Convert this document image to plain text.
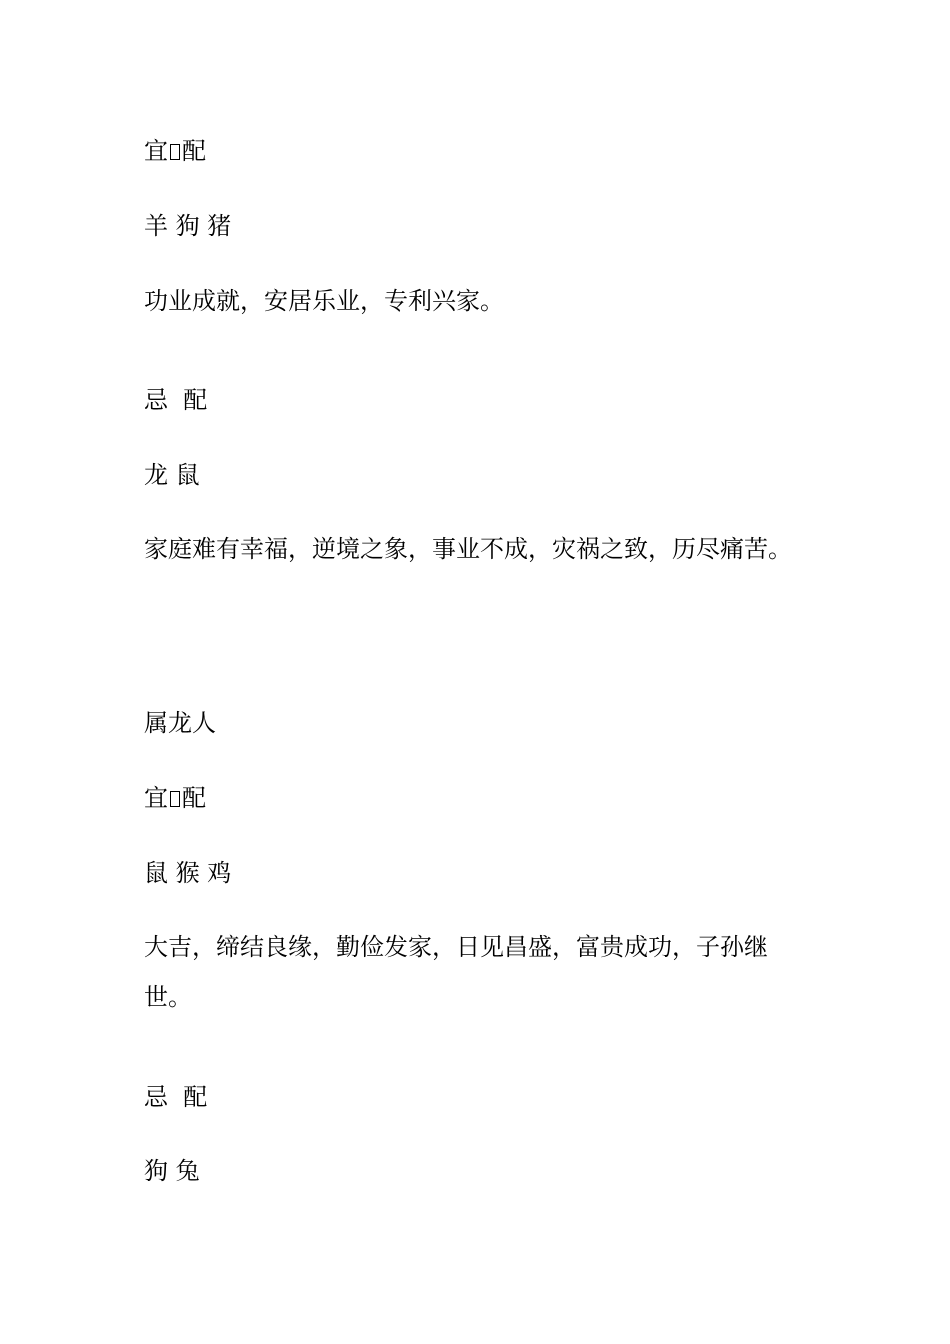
宜 配
羊 狗 猪
功业成就，安居乐业，专利兴家。
忌  配
龙 鼠
家庭难有幸福，逆境之象，事业不成，灾祸之致，历尽痛苦。
属龙人
宜 配
鼠 猴 鸡
大吉，缔结良缘，勤俭发家，日见昌盛，富贵成功，子孙继世。
忌  配
狗 兔
